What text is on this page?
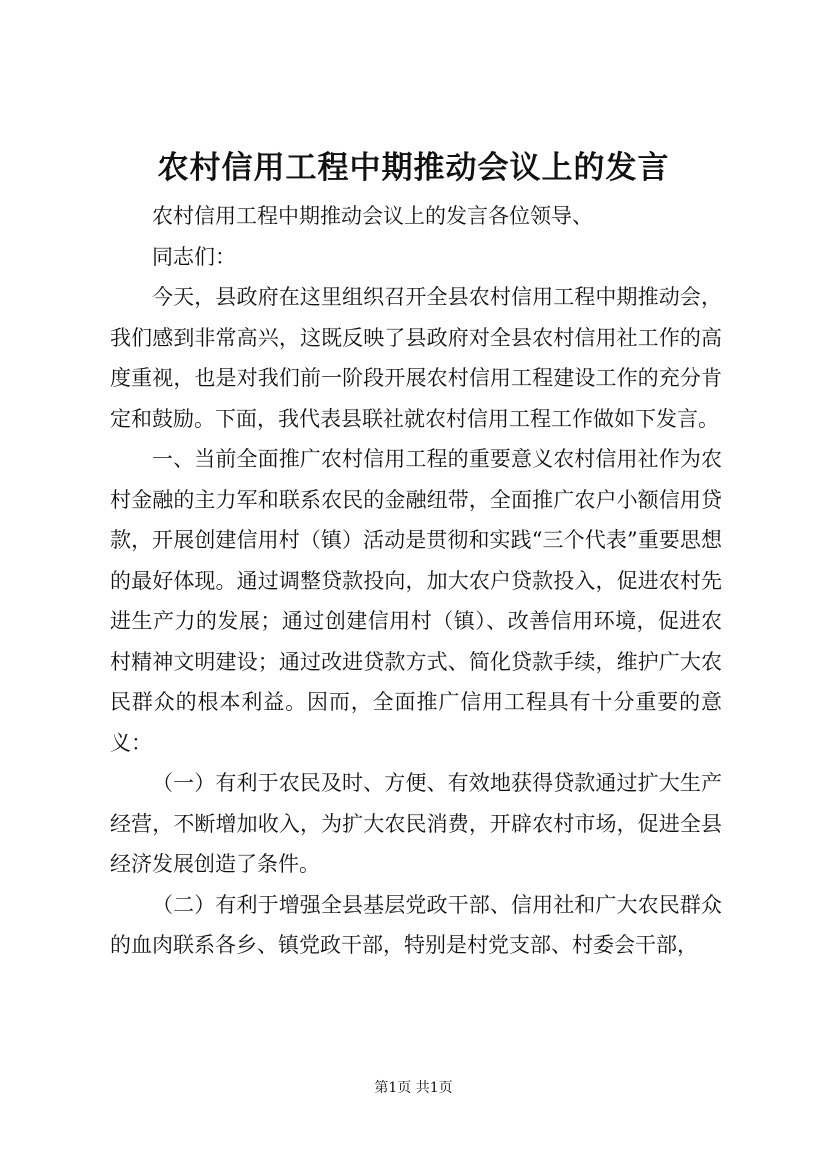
农村信用工程中期推动会议上的发言

农村信用工程中期推动会议上的发言各位领导、

同志们：

今天，县政府在这里组织召开全县农村信用工程中期推动会，我们感到非常高兴，这既反映了县政府对全县农村信用社工作的高度重视，也是对我们前一阶段开展农村信用工程建设工作的充分肯定和鼓励。下面，我代表县联社就农村信用工程工作做如下发言。

一、当前全面推广农村信用工程的重要意义农村信用社作为农村金融的主力军和联系农民的金融纽带，全面推广农户小额信用贷款，开展创建信用村（镇）活动是贯彻和实践“三个代表”重要思想的最好体现。通过调整贷款投向，加大农户贷款投入，促进农村先进生产力的发展；通过创建信用村（镇）、改善信用环境，促进农村精神文明建设；通过改进贷款方式、简化贷款手续，维护广大农民群众的根本利益。因而，全面推广信用工程具有十分重要的意义：

（一）有利于农民及时、方便、有效地获得贷款通过扩大生产经营，不断增加收入，为扩大农民消费，开辟农村市场，促进全县经济发展创造了条件。

（二）有利于增强全县基层党政干部、信用社和广大农民群众的血肉联系各乡、镇党政干部，特别是村党支部、村委会干部，

第1页 共1页
